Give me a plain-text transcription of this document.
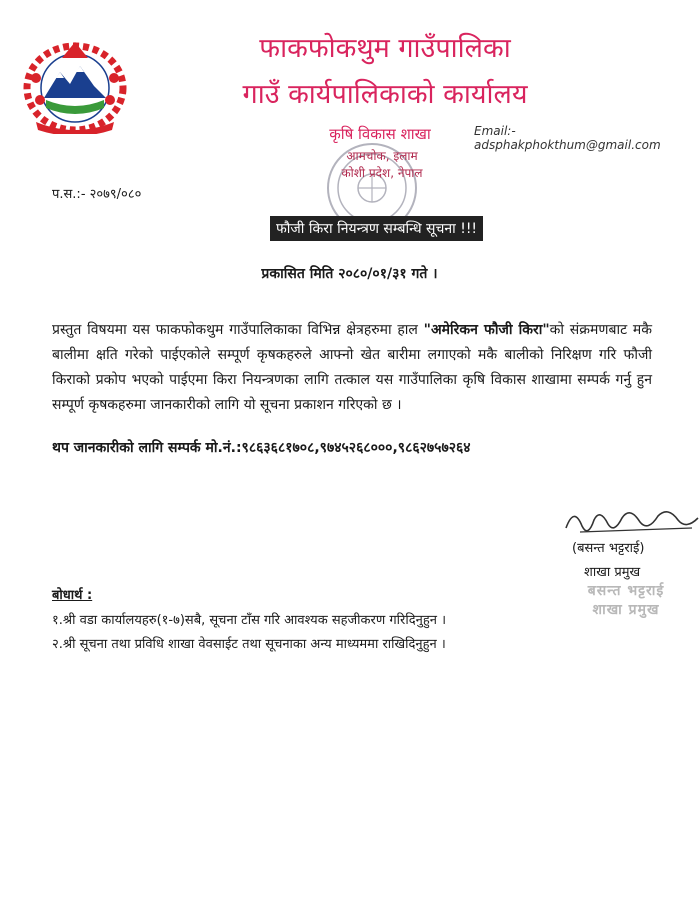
फाकफोकथुम गाउँपालिका
गाउँ कार्यपालिकाको कार्यालय
कृषि विकास शाखा	Email:-adsphakphokthum@gmail.com
आमचोक, इलाम
कोशी प्रदेश, नेपाल
प.स.:- २०७९/०८०
फौजी किरा नियन्त्रण सम्बन्धि सूचना !!!
प्रकासित मिति २०८०/०१/३१ गते ।
प्रस्तुत विषयमा यस फाकफोकथुम गाउँपालिकाका विभिन्न क्षेत्रहरुमा हाल "अमेरिकन फौजी किरा"को संक्रमणबाट मकै बालीमा क्षति गरेको पाईएकोले सम्पूर्ण कृषकहरुले आफ्नो खेत बारीमा लगाएको मकै बालीको निरिक्षण गरि फौजी किराको प्रकोप भएको पाईएमा किरा नियन्त्रणका लागि तत्काल यस गाउँपालिका कृषि विकास शाखामा सम्पर्क गर्नु हुन सम्पूर्ण कृषकहरुमा जानकारीको लागि यो सूचना प्रकाशन गरिएको छ ।
थप जानकारीको लागि सम्पर्क मो.नं.:९८६३६८१७०८,९७४५२६८०००,९८६२७५७२६४
(बसन्त भट्टराई)
शाखा प्रमुख
बसन्त भट्टराई
शाखा प्रमुख
बोधार्थ :
१.श्री वडा कार्यालयहरु(१-७)सबै, सूचना टाँस गरि आवश्यक सहजीकरण गरिदिनुहुन ।
२.श्री सूचना तथा प्रविधि शाखा वेवसाईट तथा सूचनाका अन्य माध्यममा राखिदिनुहुन ।
